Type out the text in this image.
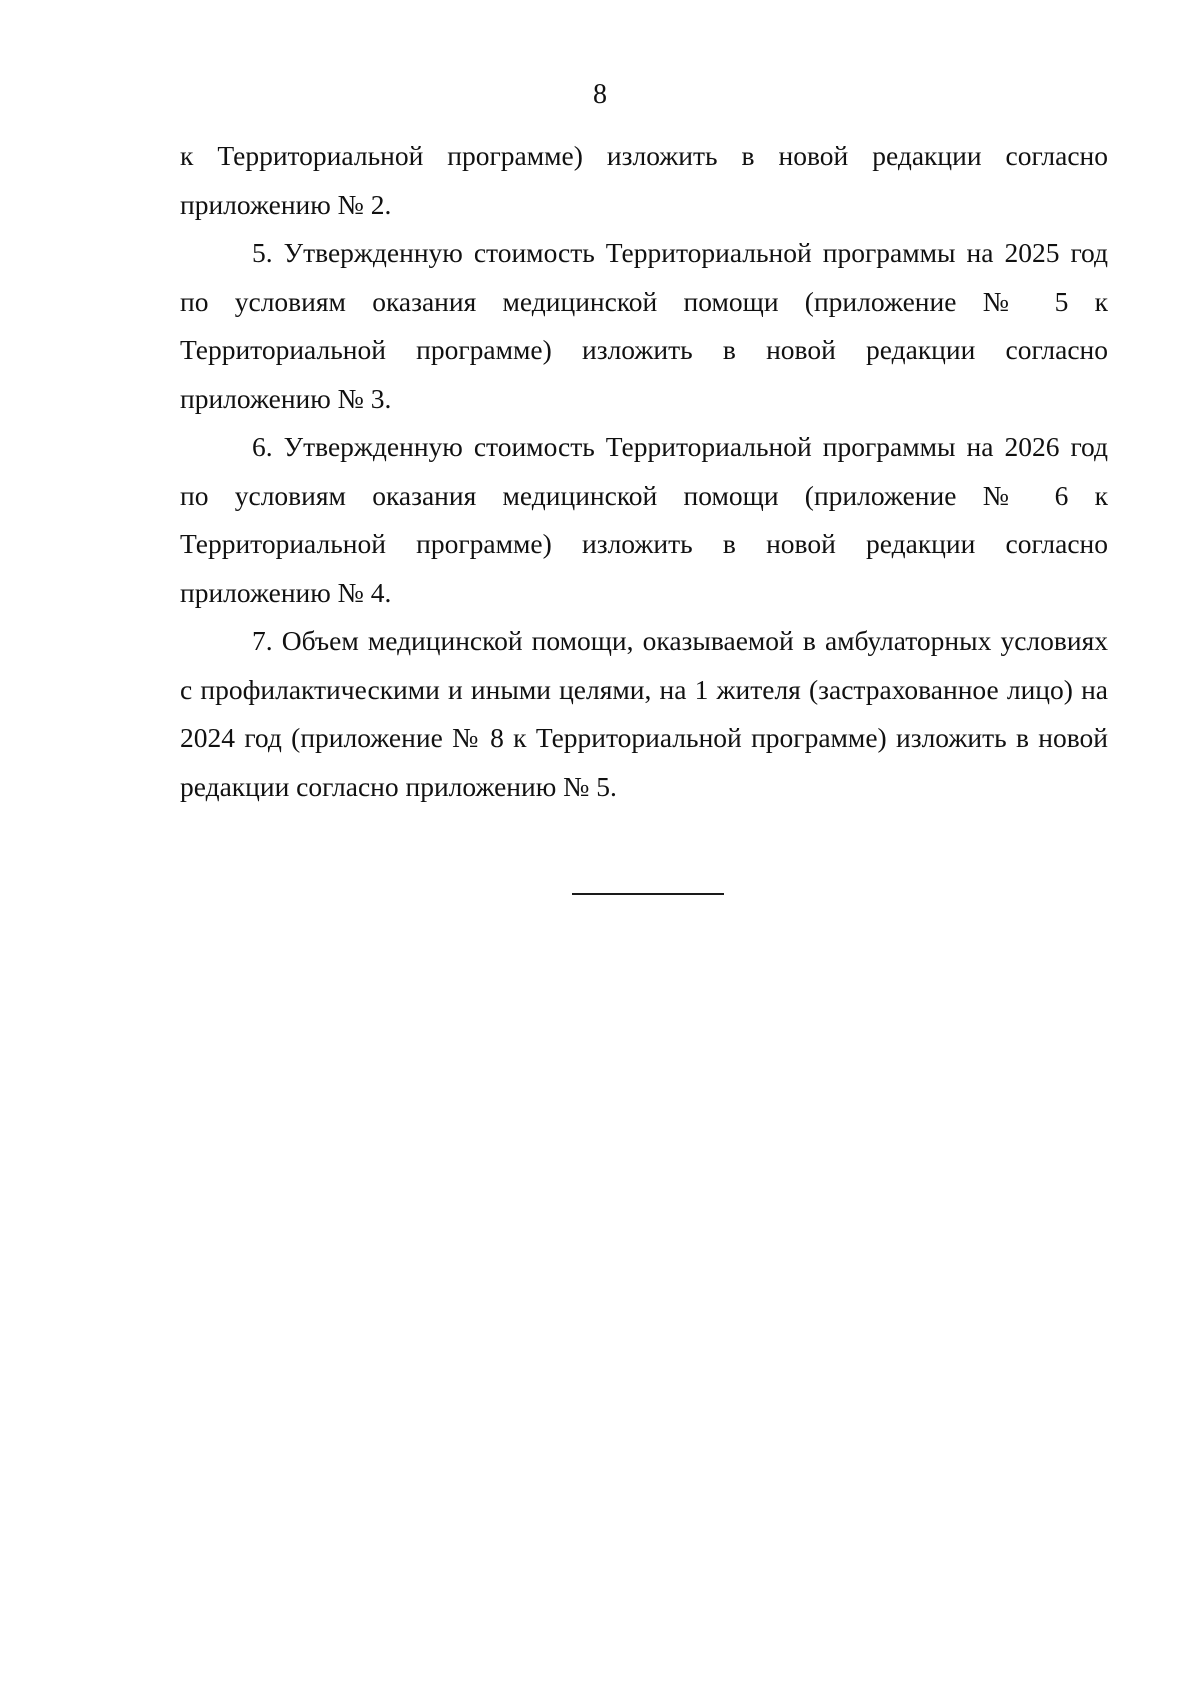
8

к Территориальной программе) изложить в новой редакции согласно приложению № 2.

5. Утвержденную стоимость Территориальной программы на 2025 год по условиям оказания медицинской помощи (приложение № 5 к Территориальной программе) изложить в новой редакции согласно приложению № 3.

6. Утвержденную стоимость Территориальной программы на 2026 год по условиям оказания медицинской помощи (приложение № 6 к Территориальной программе) изложить в новой редакции согласно приложению № 4.

7. Объем медицинской помощи, оказываемой в амбулаторных условиях с профилактическими и иными целями, на 1 жителя (застрахованное лицо) на 2024 год (приложение № 8 к Территориальной программе) изложить в новой редакции согласно приложению № 5.
